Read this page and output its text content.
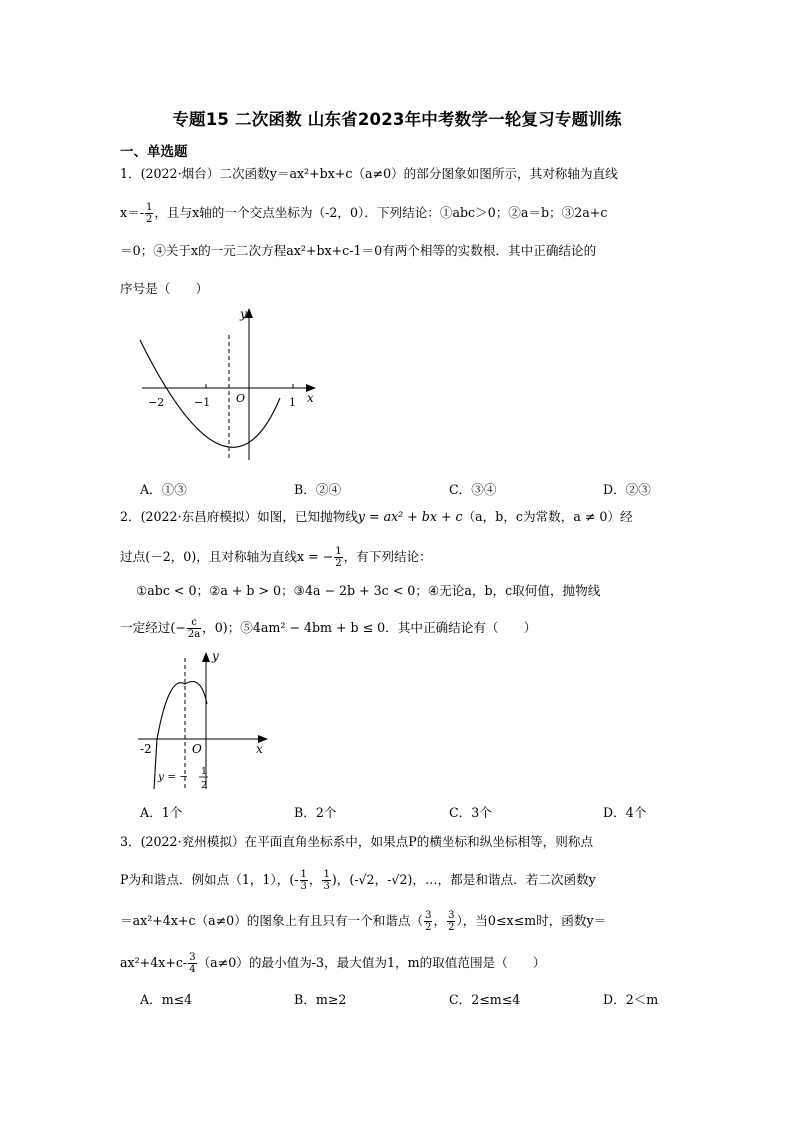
专题15 二次函数 山东省2023年中考数学一轮复习专题训练
一、单选题
1．(2022·烟台）二次函数y＝ax²+bx+c（a≠0）的部分图象如图所示，其对称轴为直线
$x=- \frac{1}{2}$ ，且与x轴的一个交点坐标为（-2，0）．下列结论：①abc＞0；②a＝b；③2a+c
＝0；④关于x的一元二次方程ax²+bx+c-1＝0有两个相等的实数根．其中正确结论的
序号是（　　）
y
x
O
−2	−1	1
A．①③	B．②④	C．③④	D．②③
2．(2022·东昌府模拟）如图，已知抛物线y = ax² + bx + c（a，b，c为常数，a ≠ 0）经
过点(－2，0)，且对称轴为直线x = − $\frac{1}{2}$ ，有下列结论：
①abc < 0；②a + b > 0；③4a − 2b + 3c < 0；④无论a，b，c取何值，抛物线
一定经过(− $\frac{c}{2a}$ ，0)；⑤4am² − 4bm + b ≤ 0．其中正确结论有（　　）
y
x
O
-2
y = − 1
2
A．1个	B．2个	C．3个	D．4个
3．(2022·兖州模拟）在平面直角坐标系中，如果点P的横坐标和纵坐标相等，则称点
P为和谐点．例如点（1，1），(- $\frac{1}{3}$ ， $\frac{1}{3}$ )，(-√2，-√2)，…，都是和谐点．若二次函数y
＝ax²+4x+c（a≠0）的图象上有且只有一个和谐点（ $\frac{3}{2}$ ， $\frac{3}{2}$ ），当0≤x≤m时，函数y＝
$ax^2+4x+c- \frac{3}{4} (a\ne 0)$的最小值为-3，最大值为1，m的取值范围是（　　）
A．m≤4	B．m≥2	C．2≤m≤4	D．2＜m
